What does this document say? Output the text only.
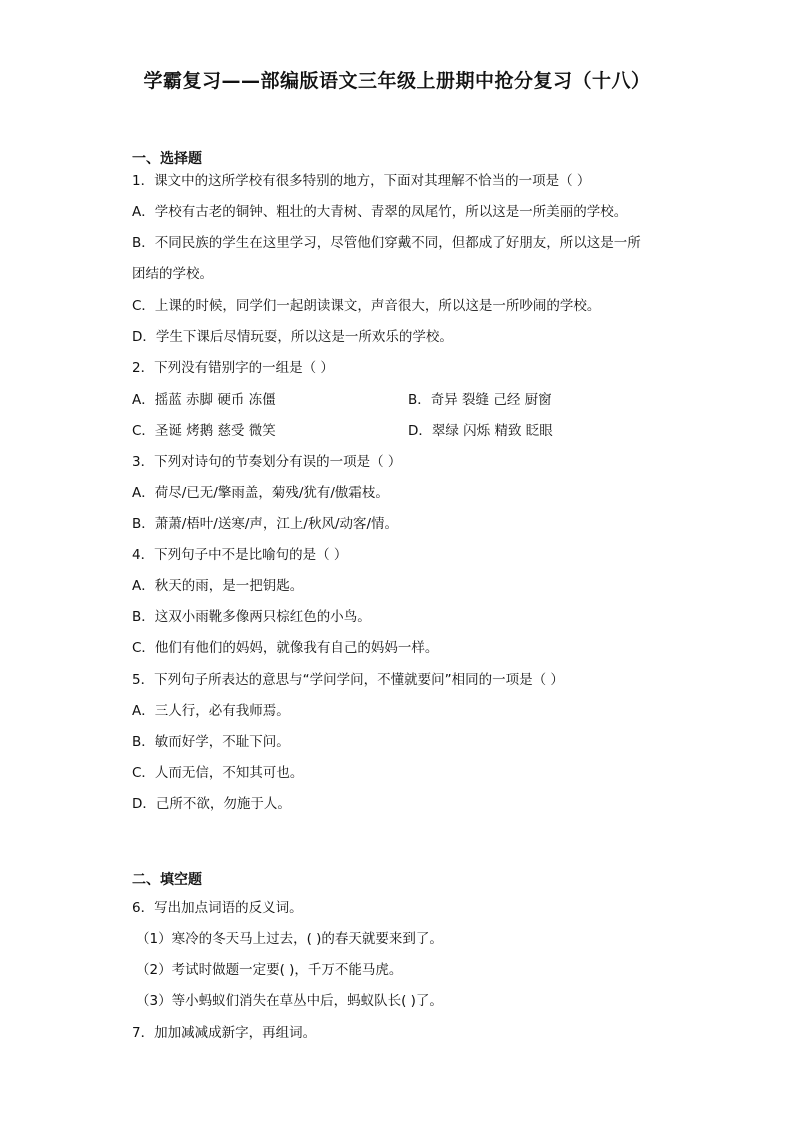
学霸复习——部编版语文三年级上册期中抢分复习（十八）
一、选择题
1．课文中的这所学校有很多特别的地方，下面对其理解不恰当的一项是（ ）
A．学校有古老的铜钟、粗壮的大青树、青翠的凤尾竹，所以这是一所美丽的学校。
B．不同民族的学生在这里学习，尽管他们穿戴不同，但都成了好朋友，所以这是一所
团结的学校。
C．上课的时候，同学们一起朗读课文，声音很大，所以这是一所吵闹的学校。
D．学生下课后尽情玩耍，所以这是一所欢乐的学校。
2．下列没有错别字的一组是（ ）
A．摇蓝 赤脚 硬币 冻僵	B．奇异 裂缝 己经 厨窗
C．圣诞 烤鹅 慈受 微笑	D．翠绿 闪烁 精致 眨眼
3．下列对诗句的节奏划分有误的一项是（ ）
A．荷尽/已无/擎雨盖，菊残/犹有/傲霜枝。
B．萧萧/梧叶/送寒/声，江上/秋风/动客/情。
4．下列句子中不是比喻句的是（ ）
A．秋天的雨，是一把钥匙。
B．这双小雨靴多像两只棕红色的小鸟。
C．他们有他们的妈妈，就像我有自己的妈妈一样。
5．下列句子所表达的意思与“学问学问，不懂就要问”相同的一项是（ ）
A．三人行，必有我师焉。
B．敏而好学，不耻下问。
C．人而无信，不知其可也。
D．己所不欲，勿施于人。
二、填空题
6．写出加点词语的反义词。
（1）寒冷的冬天马上过去，( )的春天就要来到了。
（2）考试时做题一定要( )，千万不能马虎。
（3）等小蚂蚁们消失在草丛中后，蚂蚁队长( )了。
7．加加减减成新字，再组词。
